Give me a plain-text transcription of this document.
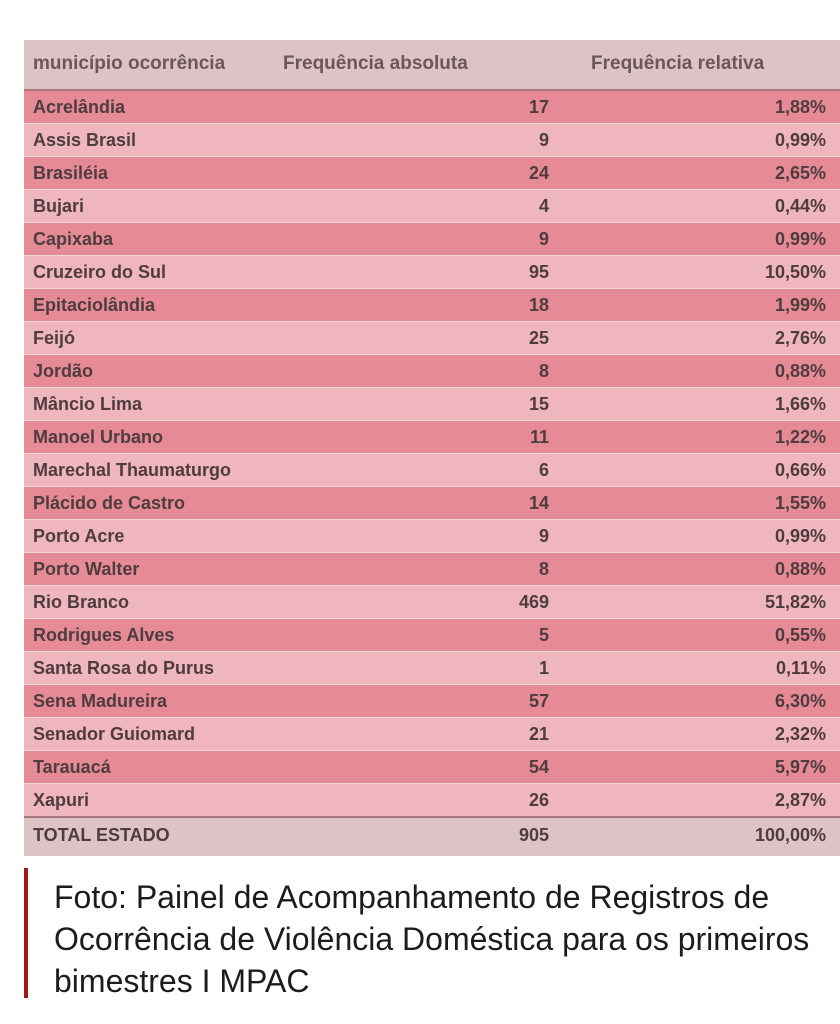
município ocorrência	Frequência absoluta	Frequência relativa
Acrelândia	17	1,88%
Assis Brasil	9	0,99%
Brasiléia	24	2,65%
Bujari	4	0,44%
Capixaba	9	0,99%
Cruzeiro do Sul	95	10,50%
Epitaciolândia	18	1,99%
Feijó	25	2,76%
Jordão	8	0,88%
Mâncio Lima	15	1,66%
Manoel Urbano	11	1,22%
Marechal Thaumaturgo	6	0,66%
Plácido de Castro	14	1,55%
Porto Acre	9	0,99%
Porto Walter	8	0,88%
Rio Branco	469	51,82%
Rodrigues Alves	5	0,55%
Santa Rosa do Purus	1	0,11%
Sena Madureira	57	6,30%
Senador Guiomard	21	2,32%
Tarauacá	54	5,97%
Xapuri	26	2,87%
TOTAL ESTADO	905	100,00%

Foto: Painel de Acompanhamento de Registros de Ocorrência de Violência Doméstica para os primeiros bimestres I MPAC
